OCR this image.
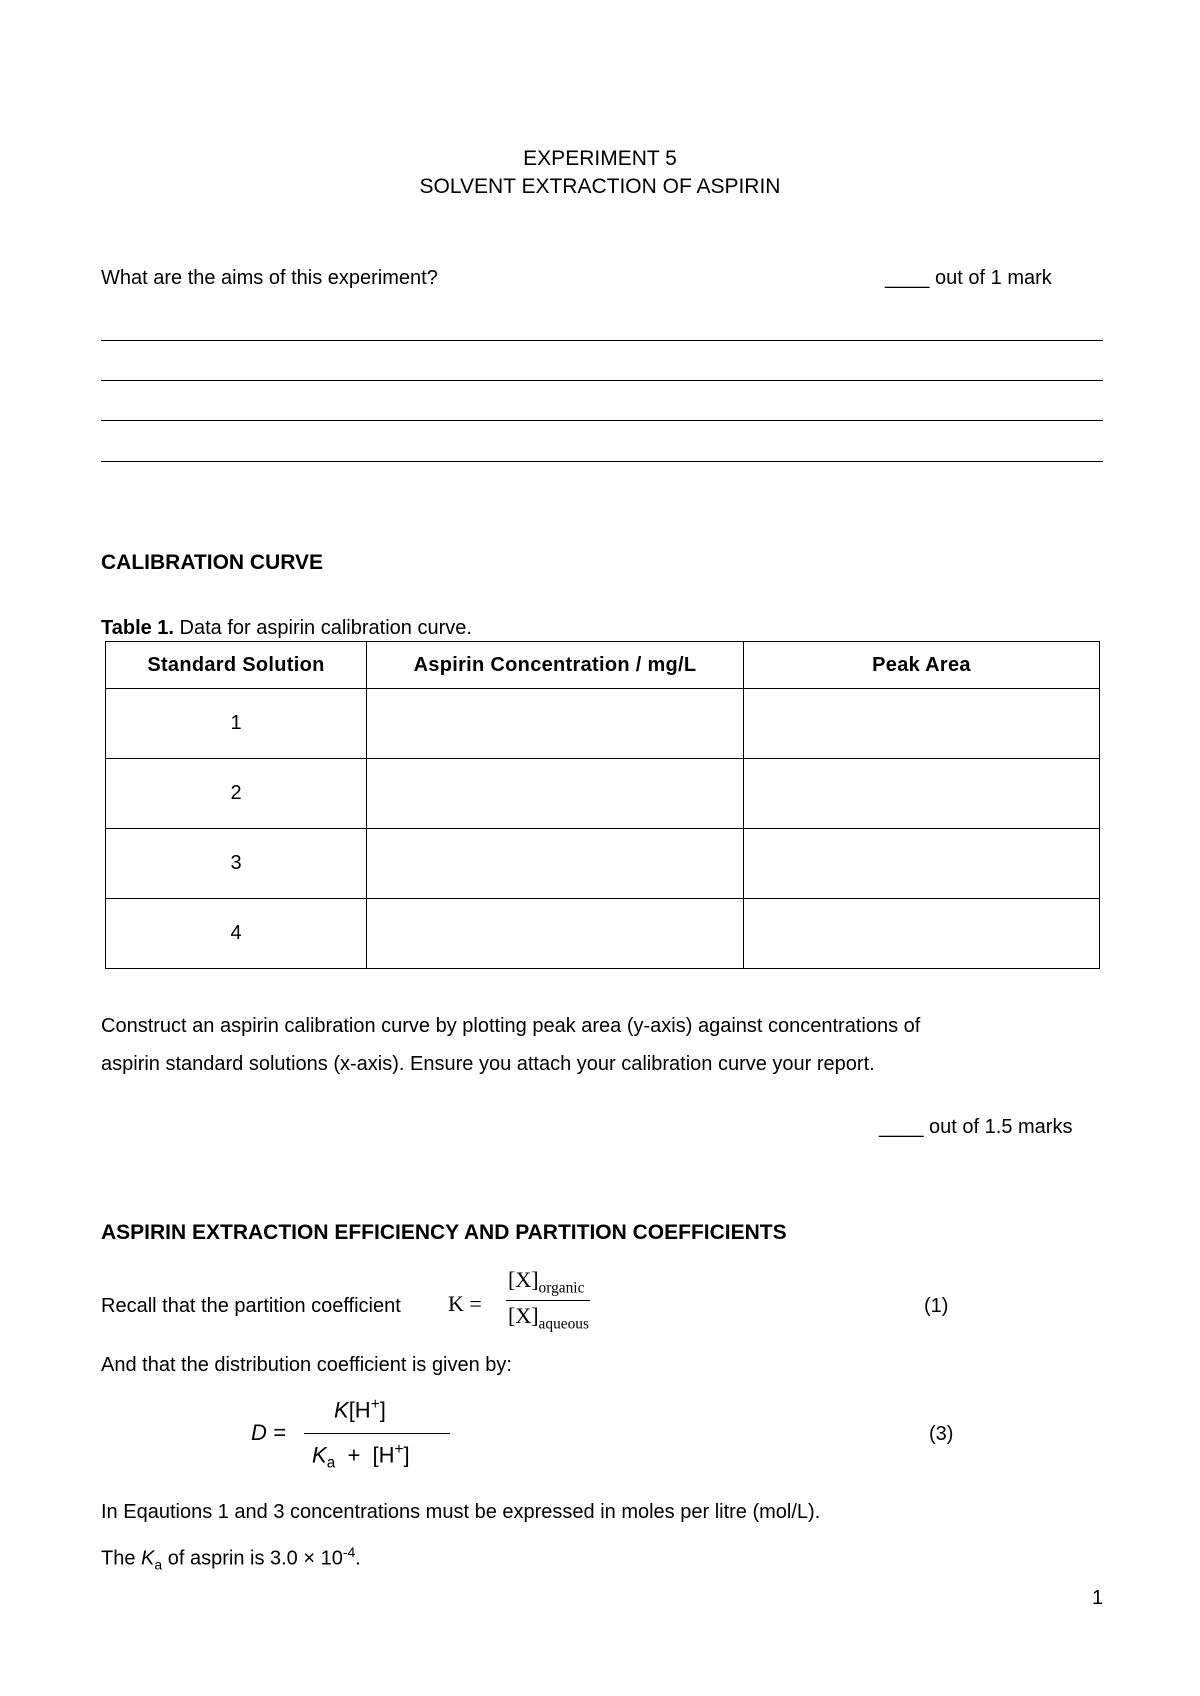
EXPERIMENT 5
SOLVENT EXTRACTION OF ASPIRIN
What are the aims of this experiment?	____ out of 1 mark
CALIBRATION CURVE
Table 1. Data for aspirin calibration curve.
Standard Solution	Aspirin Concentration / mg/L	Peak Area
1		
2		
3		
4		
Construct an aspirin calibration curve by plotting peak area (y-axis) against concentrations of
aspirin standard solutions (x-axis). Ensure you attach your calibration curve your report.
____ out of 1.5 marks
ASPIRIN EXTRACTION EFFICIENCY AND PARTITION COEFFICIENTS
Recall that the partition coefficient K =
$[X]_{organic}$
$[X]_{aqueous}$
(1)
And that the distribution coefficient is given by:
D =
K[H+]
$K_a + [H^+]$
(3)
In Eqautions 1 and 3 concentrations must be expressed in moles per litre (mol/L).
The $K_a$ of asprin is $3.0 \times 10^{-4}$.
1
